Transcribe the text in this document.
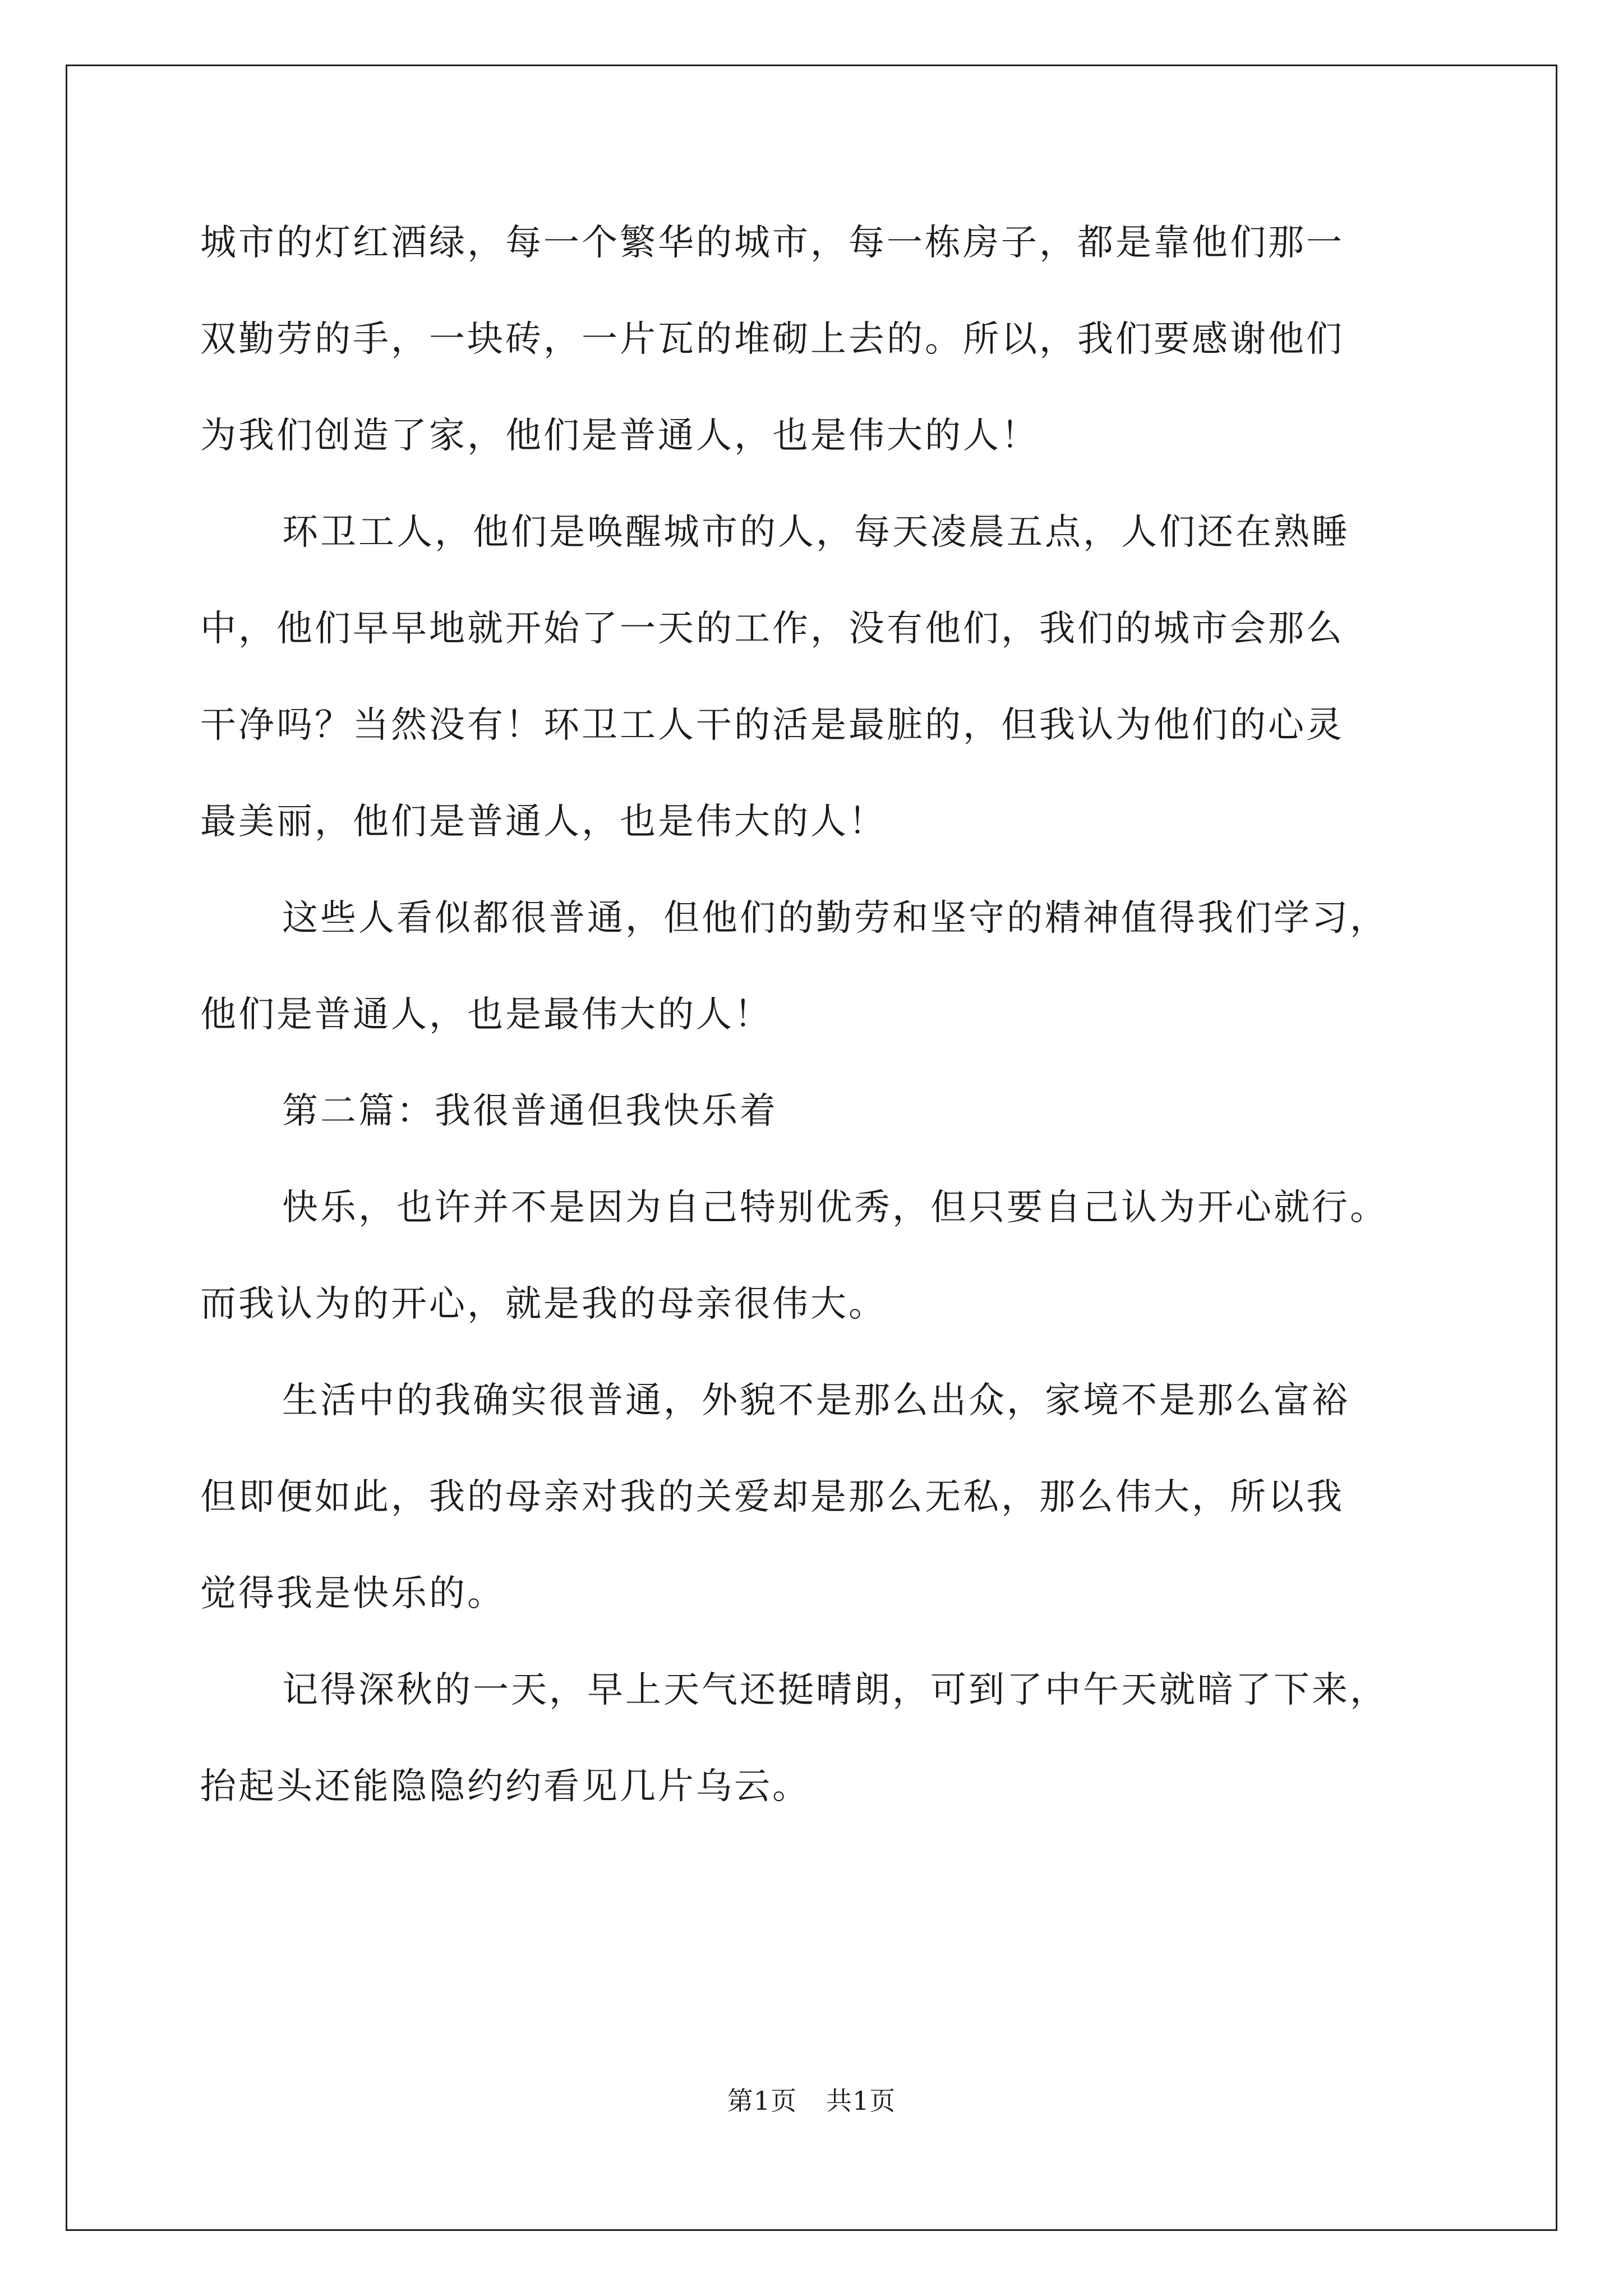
城市的灯红酒绿，每一个繁华的城市，每一栋房子，都是靠他们那一
双勤劳的手，一块砖，一片瓦的堆砌上去的。所以，我们要感谢他们
为我们创造了家，他们是普通人，也是伟大的人！
环卫工人，他们是唤醒城市的人，每天凌晨五点，人们还在熟睡
中，他们早早地就开始了一天的工作，没有他们，我们的城市会那么
干净吗？当然没有！环卫工人干的活是最脏的，但我认为他们的心灵
最美丽，他们是普通人，也是伟大的人！
这些人看似都很普通，但他们的勤劳和坚守的精神值得我们学习，
他们是普通人，也是最伟大的人！
第二篇：我很普通但我快乐着
快乐，也许并不是因为自己特别优秀，但只要自己认为开心就行。
而我认为的开心，就是我的母亲很伟大。
生活中的我确实很普通，外貌不是那么出众，家境不是那么富裕
但即便如此，我的母亲对我的关爱却是那么无私，那么伟大，所以我
觉得我是快乐的。
记得深秋的一天，早上天气还挺晴朗，可到了中午天就暗了下来，
抬起头还能隐隐约约看见几片乌云。
第1页 共1页
